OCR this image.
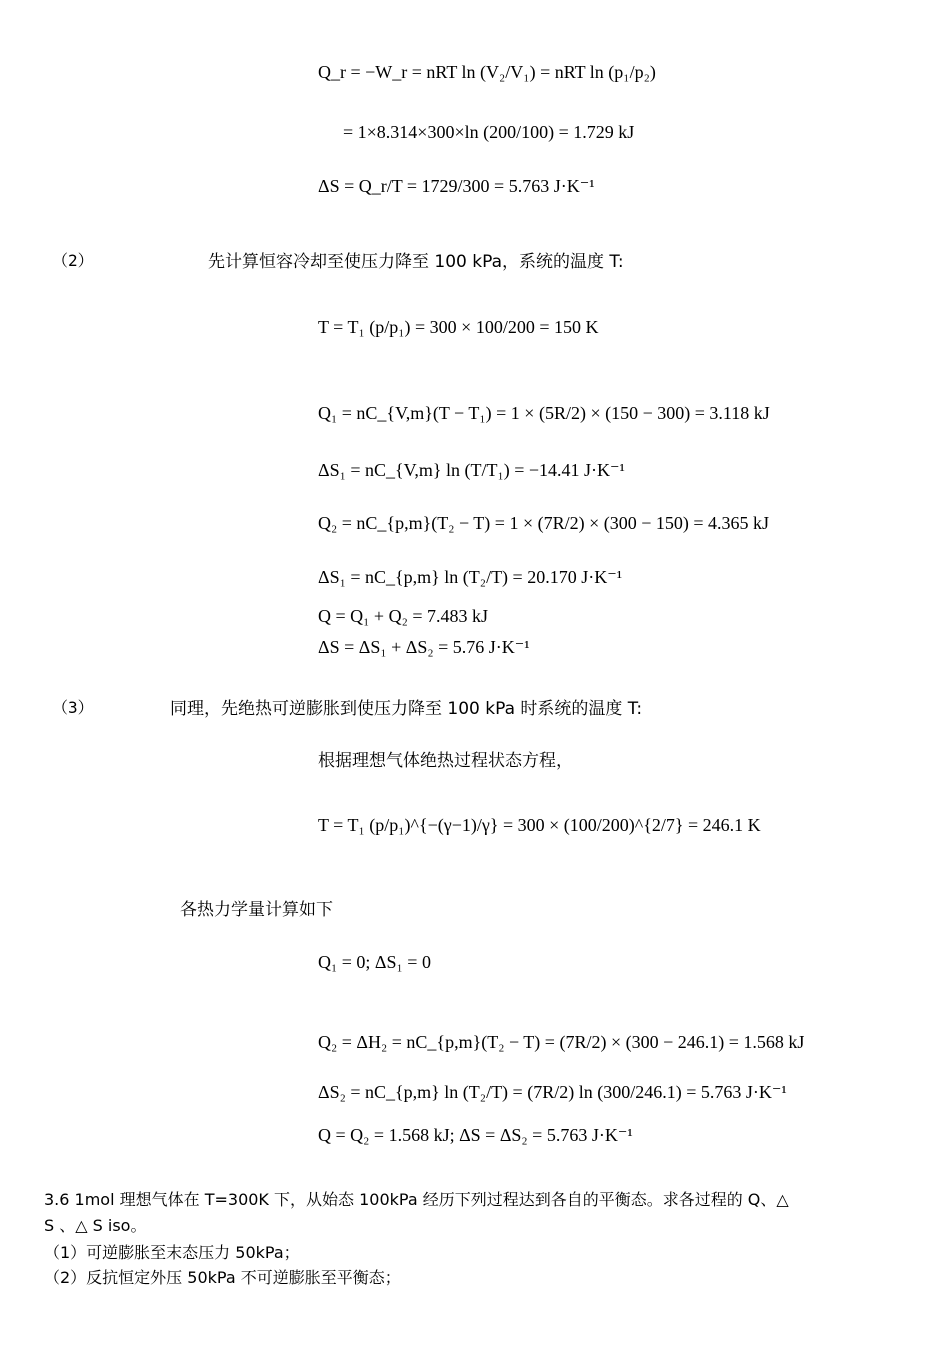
Q_r = −W_r = nRT ln (V₂/V₁) = nRT ln (p₁/p₂)
= 1×8.314×300×ln (200/100) = 1.729 kJ
ΔS = Q_r/T = 1729/300 = 5.763 J·K⁻¹
（2）	先计算恒容冷却至使压力降至 100 kPa，系统的温度 T:
T = T₁ (p/p₁) = 300 × 100/200 = 150 K
Q₁ = nC_{V,m}(T − T₁) = 1 × (5R/2) × (150 − 300) = 3.118 kJ
ΔS₁ = nC_{V,m} ln (T/T₁) = −14.41 J·K⁻¹
Q₂ = nC_{p,m}(T₂ − T) = 1 × (7R/2) × (300 − 150) = 4.365 kJ
ΔS₁ = nC_{p,m} ln (T₂/T) = 20.170 J·K⁻¹
Q = Q₁ + Q₂ = 7.483 kJ
ΔS = ΔS₁ + ΔS₂ = 5.76 J·K⁻¹
（3）	同理，先绝热可逆膨胀到使压力降至 100 kPa 时系统的温度 T:
根据理想气体绝热过程状态方程，
T = T₁ (p/p₁)^{−(γ−1)/γ} = 300 × (100/200)^{2/7} = 246.1 K
各热力学量计算如下
Q₁ = 0; ΔS₁ = 0
Q₂ = ΔH₂ = nC_{p,m}(T₂ − T) = (7R/2) × (300 − 246.1) = 1.568 kJ
ΔS₂ = nC_{p,m} ln (T₂/T) = (7R/2) ln (300/246.1) = 5.763 J·K⁻¹
Q = Q₂ = 1.568 kJ; ΔS = ΔS₂ = 5.763 J·K⁻¹
3.6 1mol 理想气体在 T=300K 下，从始态 100kPa 经历下列过程达到各自的平衡态。求各过程的 Q、△
S 、△ S iso。
（1）可逆膨胀至末态压力 50kPa；
（2）反抗恒定外压 50kPa 不可逆膨胀至平衡态；
